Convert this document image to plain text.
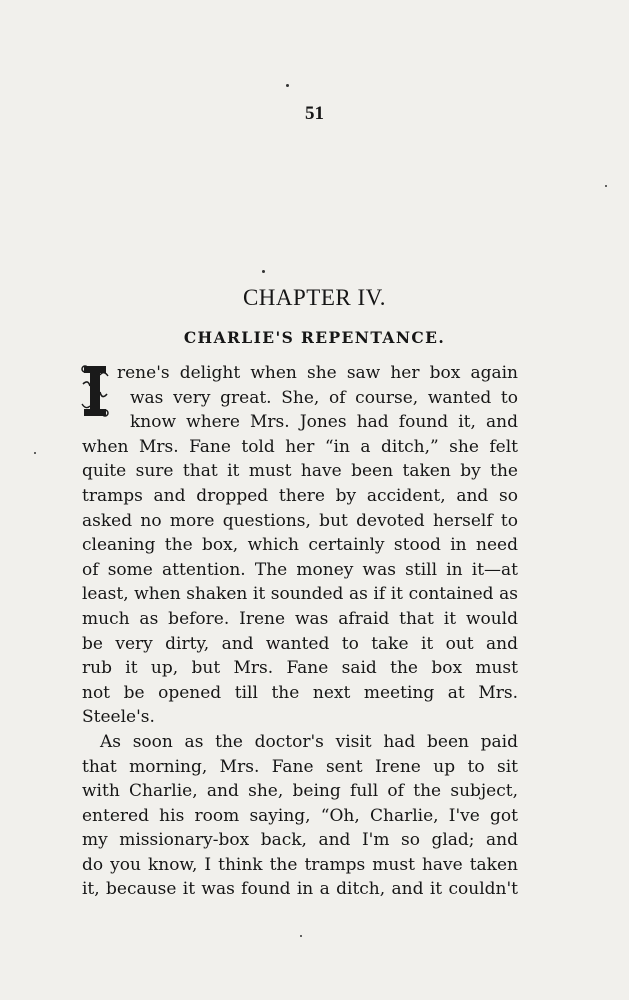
51
CHAPTER IV.
CHARLIE'S REPENTANCE.
rene's delight when she saw her box again
was very great. She, of course, wanted to
know where Mrs. Jones had found it, and
when Mrs. Fane told her “in a ditch,” she felt
quite sure that it must have been taken by the
tramps and dropped there by accident, and so
asked no more questions, but devoted herself to
cleaning the box, which certainly stood in need
of some attention. The money was still in it—at
least, when shaken it sounded as if it contained as
much as before. Irene was afraid that it would
be very dirty, and wanted to take it out and
rub it up, but Mrs. Fane said the box must
not be opened till the next meeting at Mrs.
Steele's.
As soon as the doctor's visit had been paid
that morning, Mrs. Fane sent Irene up to sit
with Charlie, and she, being full of the subject,
entered his room saying, “Oh, Charlie, I've got
my missionary-box back, and I'm so glad; and
do you know, I think the tramps must have taken
it, because it was found in a ditch, and it couldn't
